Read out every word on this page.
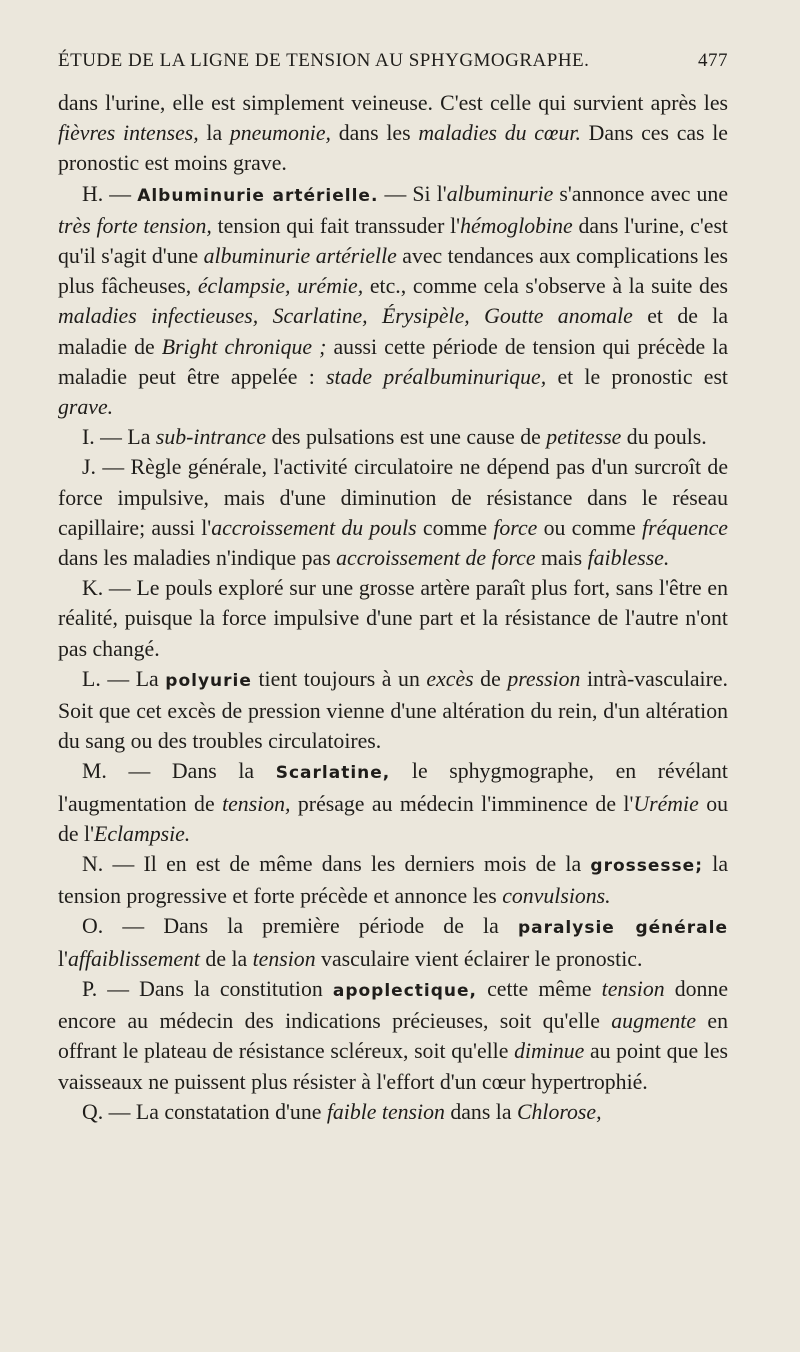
ÉTUDE DE LA LIGNE DE TENSION AU SPHYGMOGRAPHE.	477

dans l'urine, elle est simplement veineuse. C'est celle qui survient après les fièvres intenses, la pneumonie, dans les maladies du cœur. Dans ces cas le pronostic est moins grave.

H. — Albuminurie artérielle. — Si l'albuminurie s'annonce avec une très forte tension, tension qui fait transsuder l'hémoglobine dans l'urine, c'est qu'il s'agit d'une albuminurie artérielle avec tendances aux complications les plus fâcheuses, éclampsie, urémie, etc., comme cela s'observe à la suite des maladies infectieuses, Scarlatine, Érysipèle, Goutte anomale et de la maladie de Bright chronique ; aussi cette période de tension qui précède la maladie peut être appelée : stade préalbuminurique, et le pronostic est grave.

I. — La sub-intrance des pulsations est une cause de petitesse du pouls.

J. — Règle générale, l'activité circulatoire ne dépend pas d'un surcroît de force impulsive, mais d'une diminution de résistance dans le réseau capillaire; aussi l'accroissement du pouls comme force ou comme fréquence dans les maladies n'indique pas accroissement de force mais faiblesse.

K. — Le pouls exploré sur une grosse artère paraît plus fort, sans l'être en réalité, puisque la force impulsive d'une part et la résistance de l'autre n'ont pas changé.

L. — La polyurie tient toujours à un excès de pression intrà-vasculaire. Soit que cet excès de pression vienne d'une altération du rein, d'un altération du sang ou des troubles circulatoires.

M. — Dans la Scarlatine, le sphygmographe, en révélant l'augmentation de tension, présage au médecin l'imminence de l'Urémie ou de l'Eclampsie.

N. — Il en est de même dans les derniers mois de la grossesse; la tension progressive et forte précède et annonce les convulsions.

O. — Dans la première période de la paralysie générale l'affaiblissement de la tension vasculaire vient éclairer le pronostic.

P. — Dans la constitution apoplectique, cette même tension donne encore au médecin des indications précieuses, soit qu'elle augmente en offrant le plateau de résistance scléreux, soit qu'elle diminue au point que les vaisseaux ne puissent plus résister à l'effort d'un cœur hypertrophié.

Q. — La constatation d'une faible tension dans la Chlorose,
